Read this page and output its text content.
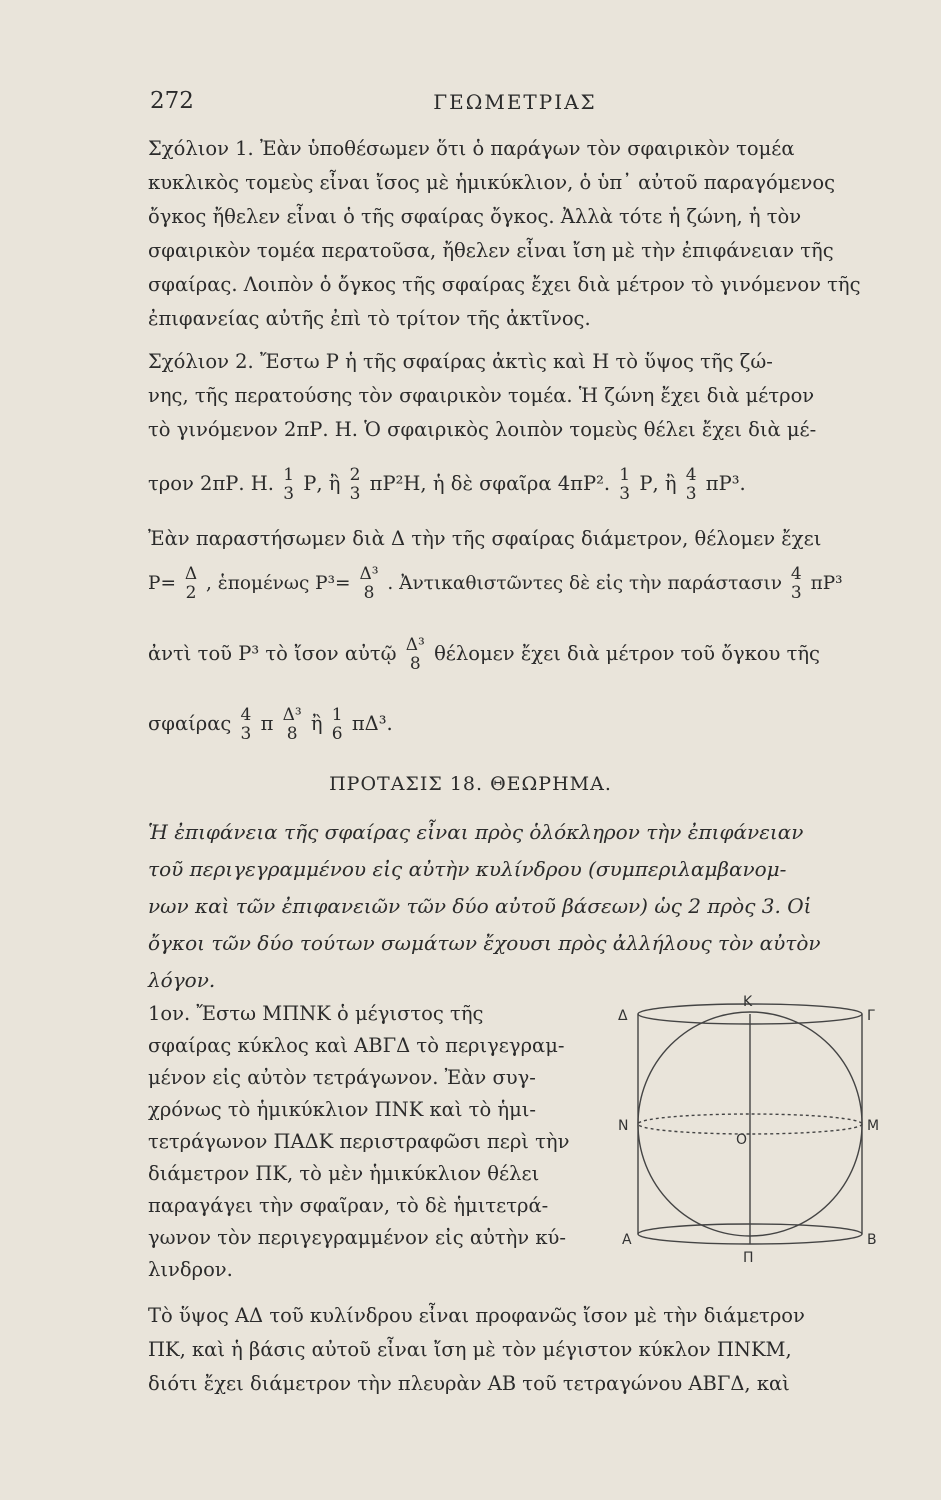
272	ΓΕΩΜΕΤΡΙΑΣ
Σχόλιον 1. Ἐὰν ὑποθέσωμεν ὅτι ὁ παράγων τὸν σφαιρικὸν τομέα
κυκλικὸς τομεὺς εἶναι ἴσος μὲ ἡμικύκλιον, ὁ ὑπ᾽ αὐτοῦ παραγόμενος
ὄγκος ἤθελεν εἶναι ὁ τῆς σφαίρας ὄγκος. Ἀλλὰ τότε ἡ ζώνη, ἡ τὸν
σφαιρικὸν τομέα περατοῦσα, ἤθελεν εἶναι ἴση μὲ τὴν ἐπιφάνειαν τῆς
σφαίρας. Λοιπὸν ὁ ὄγκος τῆς σφαίρας ἔχει διὰ μέτρον τὸ γινόμενον τῆς
ἐπιφανείας αὐτῆς ἐπὶ τὸ τρίτον τῆς ἀκτῖνος.
Σχόλιον 2. Ἔστω Ρ ἡ τῆς σφαίρας ἀκτὶς καὶ Η τὸ ὕψος τῆς ζώ-
νης, τῆς περατούσης τὸν σφαιρικὸν τομέα. Ἡ ζώνη ἔχει διὰ μέτρον
τὸ γινόμενον 2πΡ. Η. Ὁ σφαιρικὸς λοιπὸν τομεὺς θέλει ἔχει διὰ μέ-
τρον 2πΡ. Η. 1
3 Ρ, ἢ 2
3 πΡ²Η, ἡ δὲ σφαῖρα 4πΡ². 1
3 Ρ, ἢ 4
3 πΡ³.
Ἐὰν παραστήσωμεν διὰ Δ τὴν τῆς σφαίρας διάμετρον, θέλομεν ἔχει
Ρ= Δ
2 , ἑπομένως Ρ³= Δ³
8 . Ἀντικαθιστῶντες δὲ εἰς τὴν παράστασιν 4
3 πΡ³
ἀντὶ τοῦ Ρ³ τὸ ἴσον αὐτῷ Δ³
8 θέλομεν ἔχει διὰ μέτρον τοῦ ὄγκου τῆς
σφαίρας 4
3 π Δ³
8 ἢ 1
6 πΔ³.
ΠΡΟΤΑΣΙΣ 18. ΘΕΩΡΗΜΑ.
Ἡ ἐπιφάνεια τῆς σφαίρας εἶναι πρὸς ὁλόκληρον τὴν ἐπιφάνειαν
τοῦ περιγεγραμμένου εἰς αὐτὴν κυλίνδρου (συμπεριλαμβανομ-
νων καὶ τῶν ἐπιφανειῶν τῶν δύο αὐτοῦ βάσεων) ὡς 2 πρὸς 3. Οἱ
ὄγκοι τῶν δύο τούτων σωμάτων ἔχουσι πρὸς ἀλλήλους τὸν αὐτὸν
λόγον.
1ον. Ἔστω ΜΠΝΚ ὁ μέγιστος τῆς
σφαίρας κύκλος καὶ ΑΒΓΔ τὸ περιγεγραμ-
μένον εἰς αὐτὸν τετράγωνον. Ἐὰν συγ-
χρόνως τὸ ἡμικύκλιον ΠΝΚ καὶ τὸ ἡμι-
τετράγωνον ΠΑΔΚ περιστραφῶσι περὶ τὴν
διάμετρον ΠΚ, τὸ μὲν ἡμικύκλιον θέλει
παραγάγει τὴν σφαῖραν, τὸ δὲ ἡμιτετρά-
γωνον τὸν περιγεγραμμένον εἰς αὐτὴν κύ-
λινδρον.
Δ
Κ
Γ
Ν
Ο
Μ
Α
Π
Β
Τὸ ὕψος ΑΔ τοῦ κυλίνδρου εἶναι προφανῶς ἴσον μὲ τὴν διάμετρον
ΠΚ, καὶ ἡ βάσις αὐτοῦ εἶναι ἴση μὲ τὸν μέγιστον κύκλον ΠΝΚΜ,
διότι ἔχει διάμετρον τὴν πλευρὰν ΑΒ τοῦ τετραγώνου ΑΒΓΔ, καὶ
